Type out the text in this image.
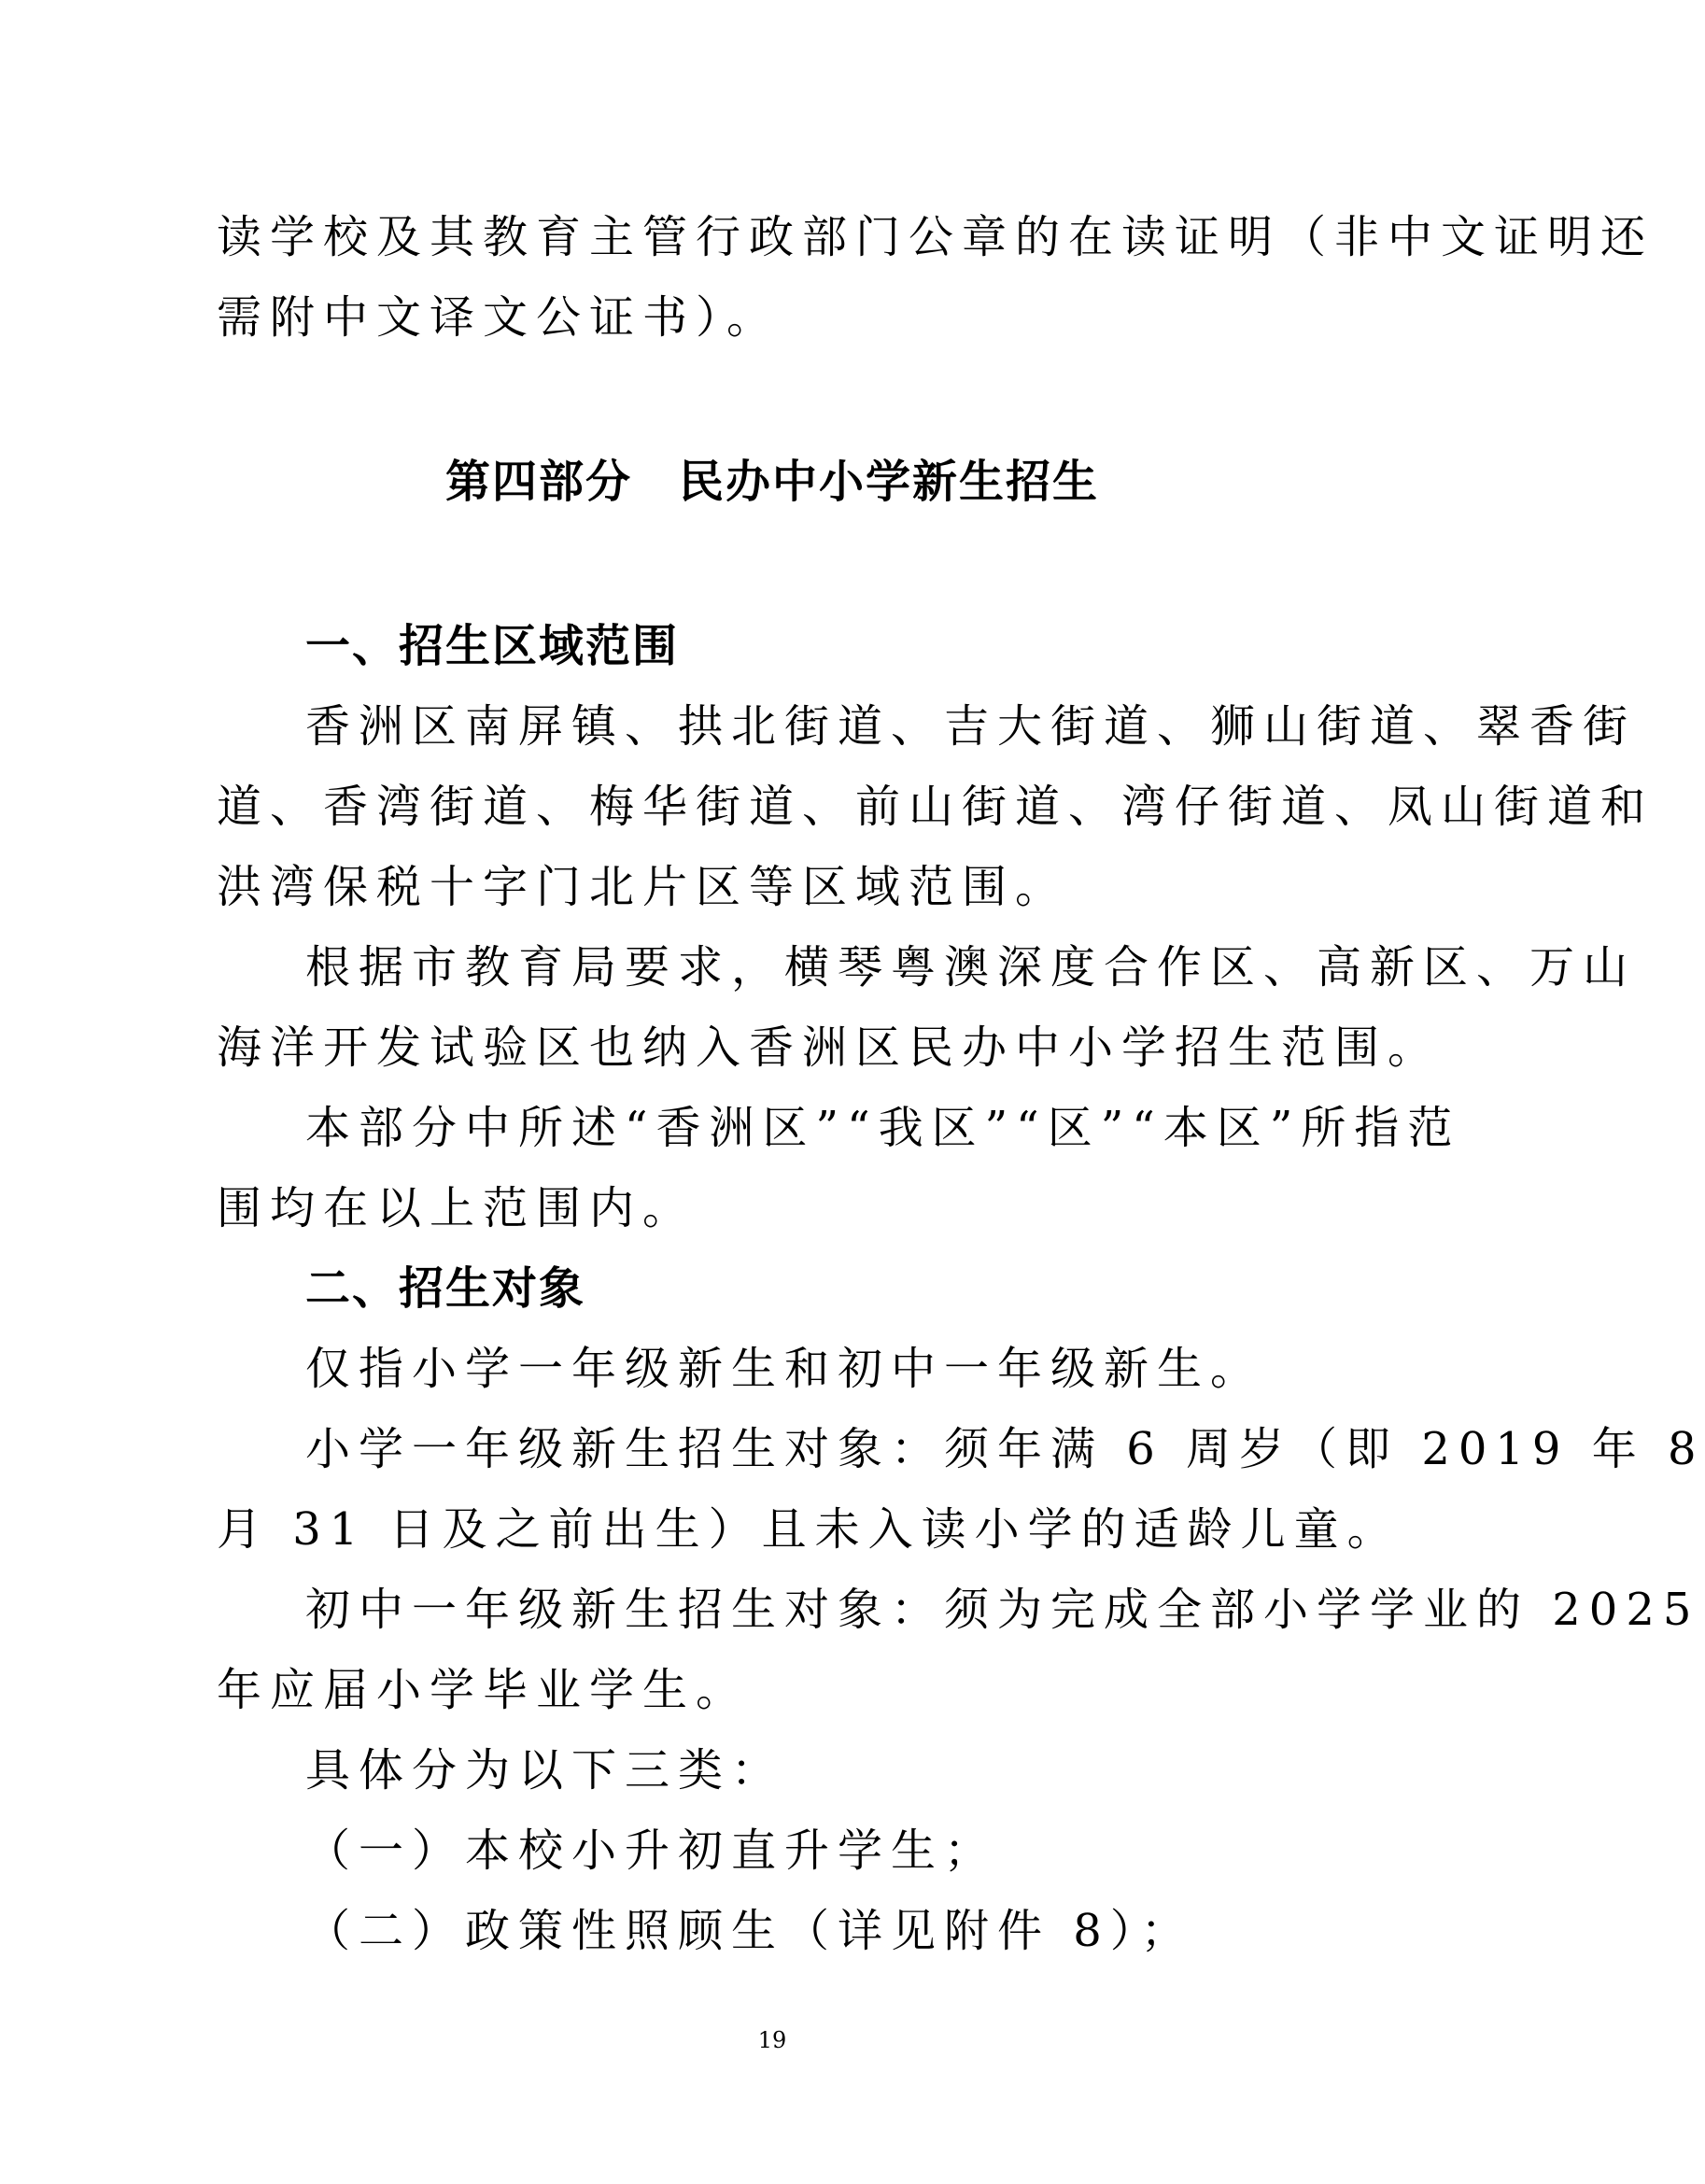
读学校及其教育主管行政部门公章的在读证明（非中文证明还
需附中文译文公证书）。
第四部分　民办中小学新生招生
一、招生区域范围
香洲区南屏镇、拱北街道、吉大街道、狮山街道、翠香街
道、香湾街道、梅华街道、前山街道、湾仔街道、凤山街道和
洪湾保税十字门北片区等区域范围。
根据市教育局要求，横琴粤澳深度合作区、高新区、万山
海洋开发试验区也纳入香洲区民办中小学招生范围。
本部分中所述“香洲区”“我区”“区”“本区”所指范
围均在以上范围内。
二、招生对象
仅指小学一年级新生和初中一年级新生。
小学一年级新生招生对象：须年满 6 周岁（即 2019 年 8
月 31 日及之前出生）且未入读小学的适龄儿童。
初中一年级新生招生对象：须为完成全部小学学业的 2025
年应届小学毕业学生。
具体分为以下三类：
（一）本校小升初直升学生；
（二）政策性照顾生（详见附件 8）；
19
